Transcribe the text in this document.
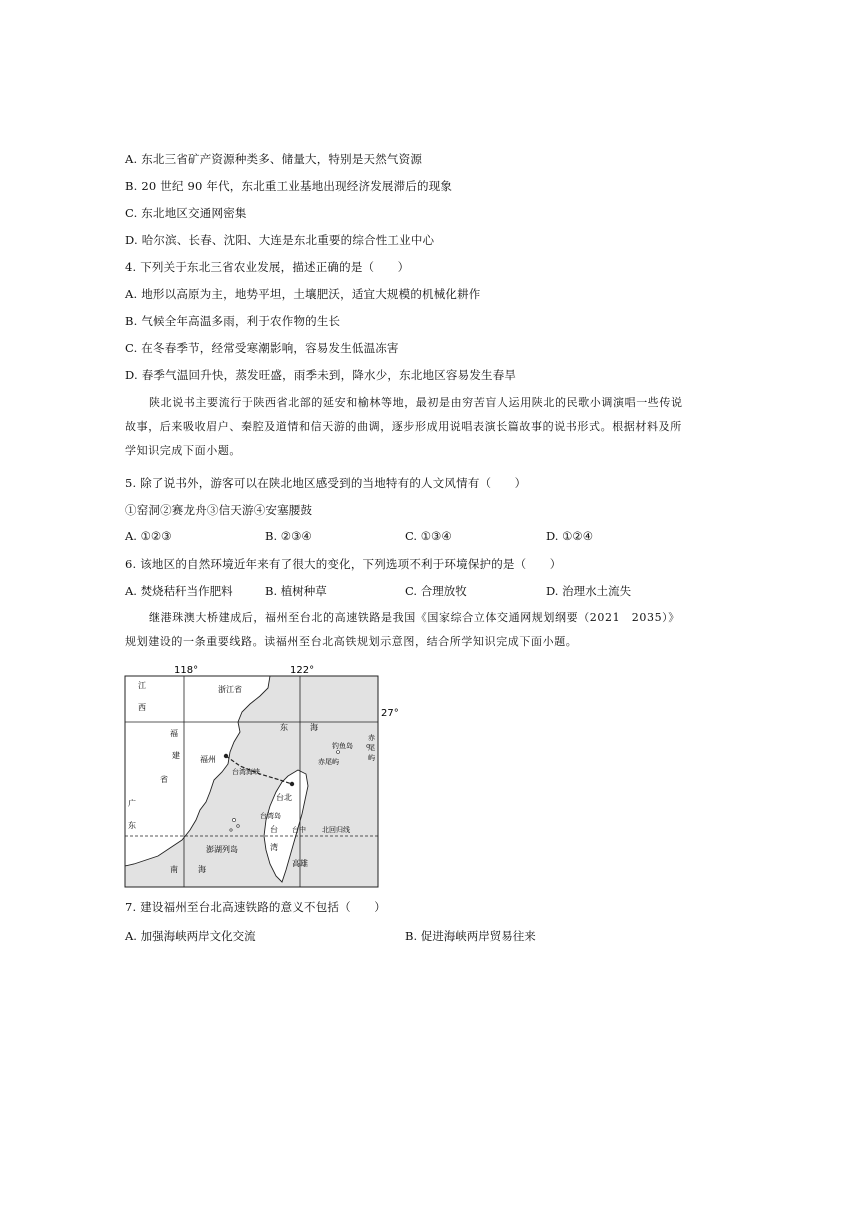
A. 东北三省矿产资源种类多、储量大，特别是天然气资源
B. 20 世纪 90 年代，东北重工业基地出现经济发展滞后的现象
C. 东北地区交通网密集
D. 哈尔滨、长春、沈阳、大连是东北重要的综合性工业中心
4. 下列关于东北三省农业发展，描述正确的是（　　）
A. 地形以高原为主，地势平坦，土壤肥沃，适宜大规模的机械化耕作
B. 气候全年高温多雨，利于农作物的生长
C. 在冬春季节，经常受寒潮影响，容易发生低温冻害
D. 春季气温回升快，蒸发旺盛，雨季未到，降水少，东北地区容易发生春旱
陕北说书主要流行于陕西省北部的延安和榆林等地，最初是由穷苦盲人运用陕北的民歌小调演唱一些传说故事，后来吸收眉户、秦腔及道情和信天游的曲调，逐步形成用说唱表演长篇故事的说书形式。根据材料及所学知识完成下面小题。
5. 除了说书外，游客可以在陕北地区感受到的当地特有的人文风情有（　　）
①窑洞②赛龙舟③信天游④安塞腰鼓
A. ①②③	B. ②③④	C. ①③④	D. ①②④
6. 该地区的自然环境近年来有了很大的变化，下列选项不利于环境保护的是（　　）
A. 焚烧秸秆当作肥料	B. 植树种草	C. 合理放牧	D. 治理水土流失
继港珠澳大桥建成后，福州至台北的高速铁路是我国《国家综合立体交通网规划纲要（2021　2035）》规划建设的一条重要线路。读福州至台北高铁规划示意图，结合所学知识完成下面小题。
118°	122°
27°
浙江省
江
西
福
建
省
福州
广
东
台湾海峡
钓鱼岛
赤尾屿
赤
尾
屿
台北
台湾岛
台
湾
北回归线
澎湖列岛
南	海
高雄
东	海
台中
7. 建设福州至台北高速铁路的意义不包括（　　）
A. 加强海峡两岸文化交流	B. 促进海峡两岸贸易往来
